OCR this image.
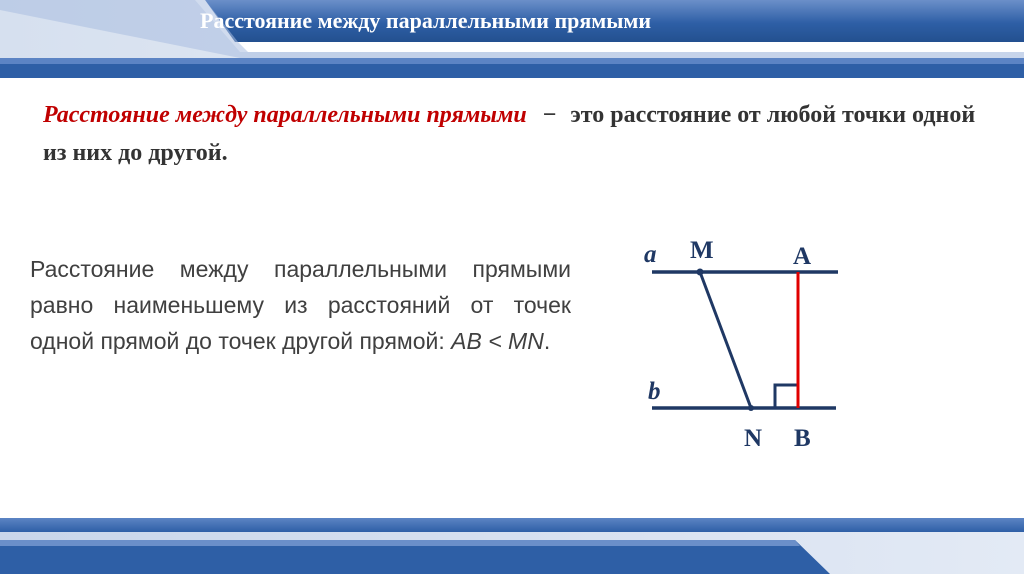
Расстояние между параллельными прямыми
Расстояние между параллельными прямыми − это расстояние от любой точки одной из них до другой.
Расстояние между параллельными прямыми равно наименьшему из расстояний от точек одной прямой до точек другой прямой: AB < MN.
a
b
M	A
N B
